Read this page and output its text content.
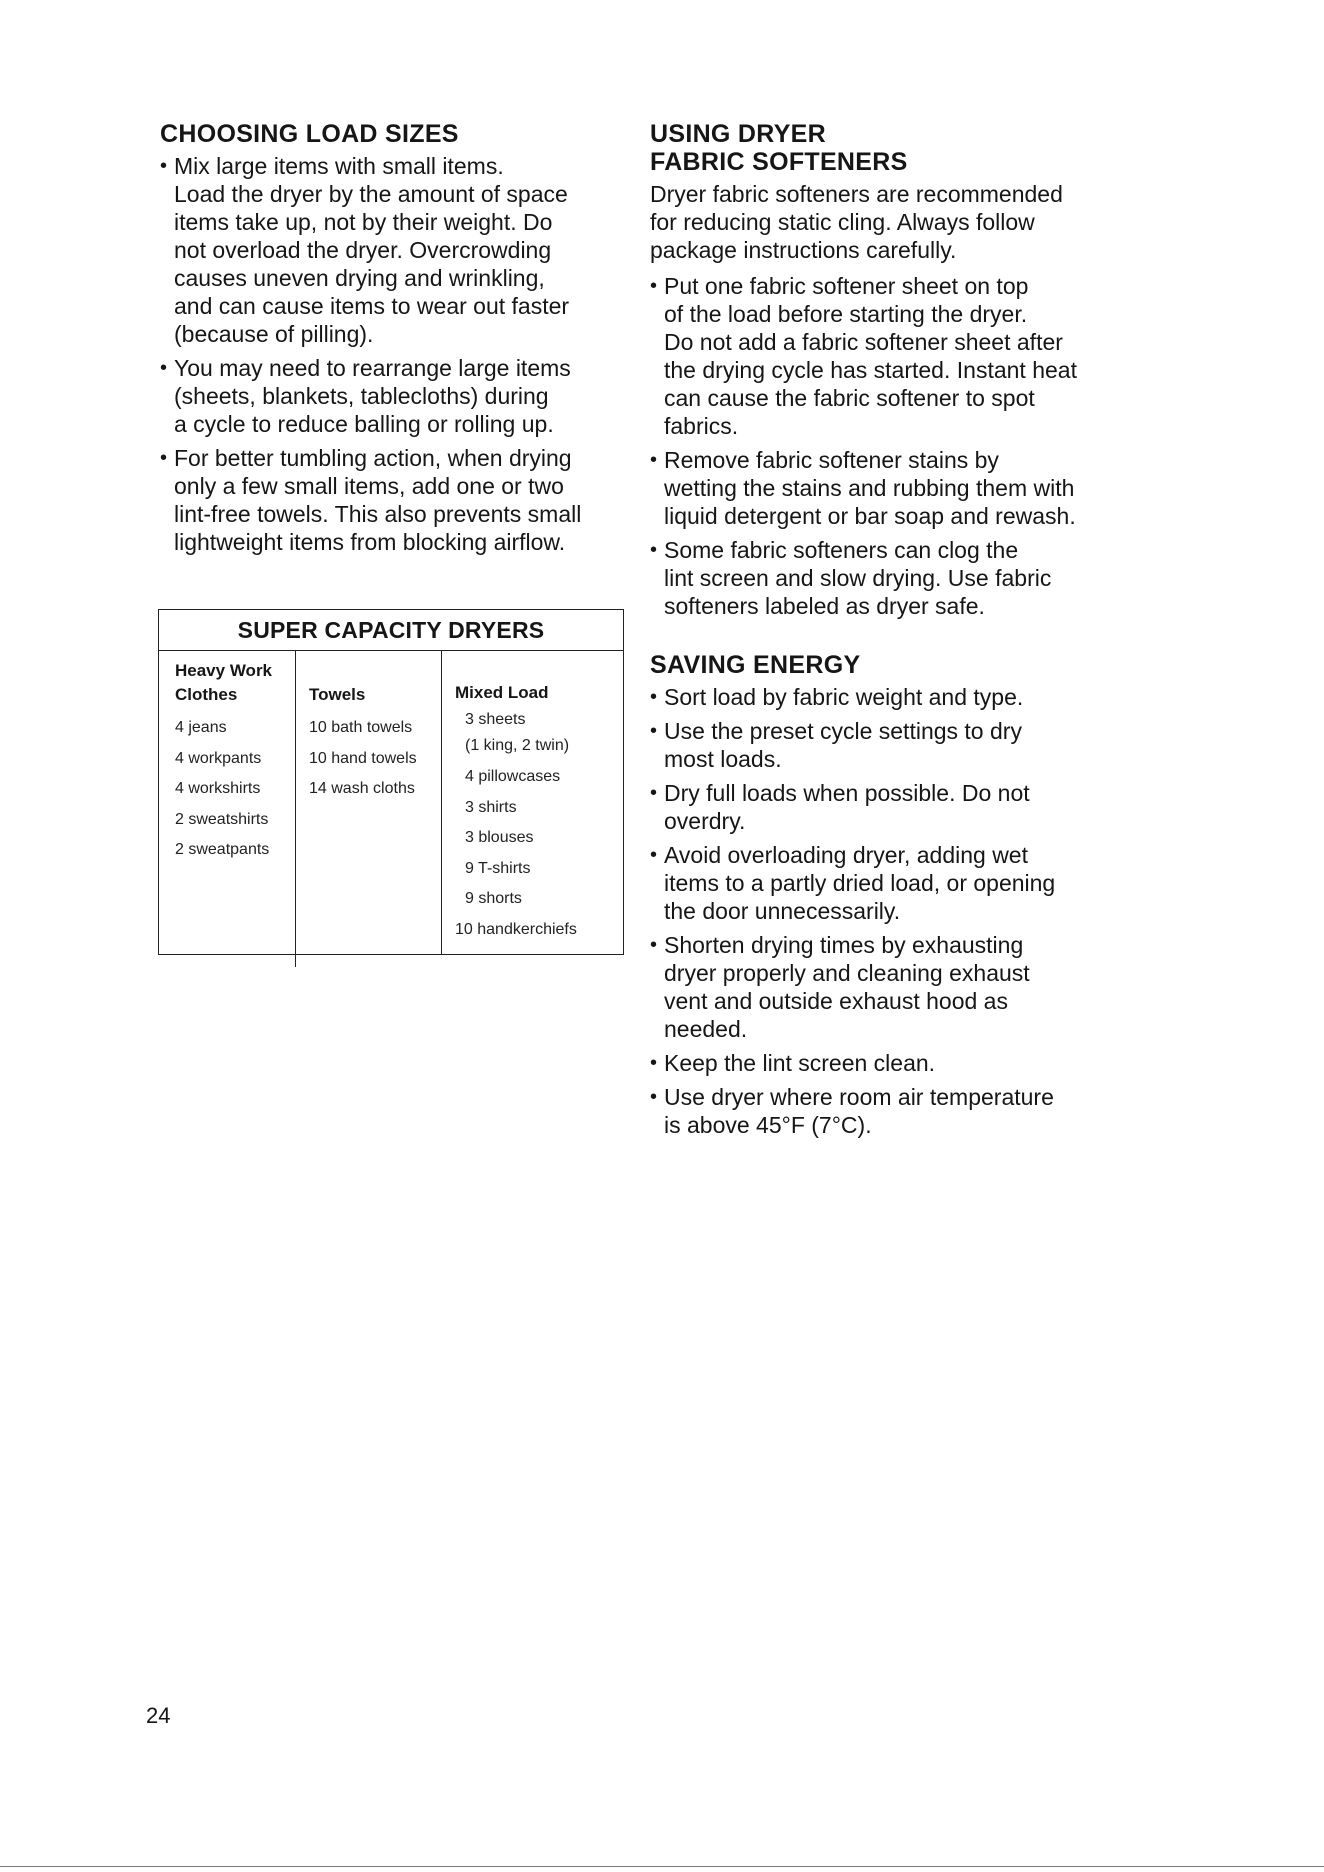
CHOOSING LOAD SIZES
• Mix large items with small items.
Load the dryer by the amount of space
items take up, not by their weight. Do
not overload the dryer. Overcrowding
causes uneven drying and wrinkling,
and can cause items to wear out faster
(because of pilling).
• You may need to rearrange large items
(sheets, blankets, tablecloths) during
a cycle to reduce balling or rolling up.
• For better tumbling action, when drying
only a few small items, add one or two
lint-free towels. This also prevents small
lightweight items from blocking airflow.
SUPER CAPACITY DRYERS
Heavy Work
Clothes
4 jeans
4 workpants
4 workshirts
2 sweatshirts
2 sweatpants
Towels
10 bath towels
10 hand towels
14 wash cloths
Mixed Load
3 sheets
(1 king, 2 twin)
4 pillowcases
3 shirts
3 blouses
9 T-shirts
9 shorts
10 handkerchiefs
USING DRYER
FABRIC SOFTENERS

Dryer fabric softeners are recommended
for reducing static cling. Always follow
package instructions carefully.

• Put one fabric softener sheet on top
of the load before starting the dryer.
Do not add a fabric softener sheet after
the drying cycle has started. Instant heat
can cause the fabric softener to spot
fabrics.
• Remove fabric softener stains by
wetting the stains and rubbing them with
liquid detergent or bar soap and rewash.
• Some fabric softeners can clog the
lint screen and slow drying. Use fabric
softeners labeled as dryer safe.
SAVING ENERGY
• Sort load by fabric weight and type.
• Use the preset cycle settings to dry
most loads.
• Dry full loads when possible. Do not
overdry.
• Avoid overloading dryer, adding wet
items to a partly dried load, or opening
the door unnecessarily.
• Shorten drying times by exhausting
dryer properly and cleaning exhaust
vent and outside exhaust hood as
needed.
• Keep the lint screen clean.
• Use dryer where room air temperature
is above 45°F (7°C).
24
